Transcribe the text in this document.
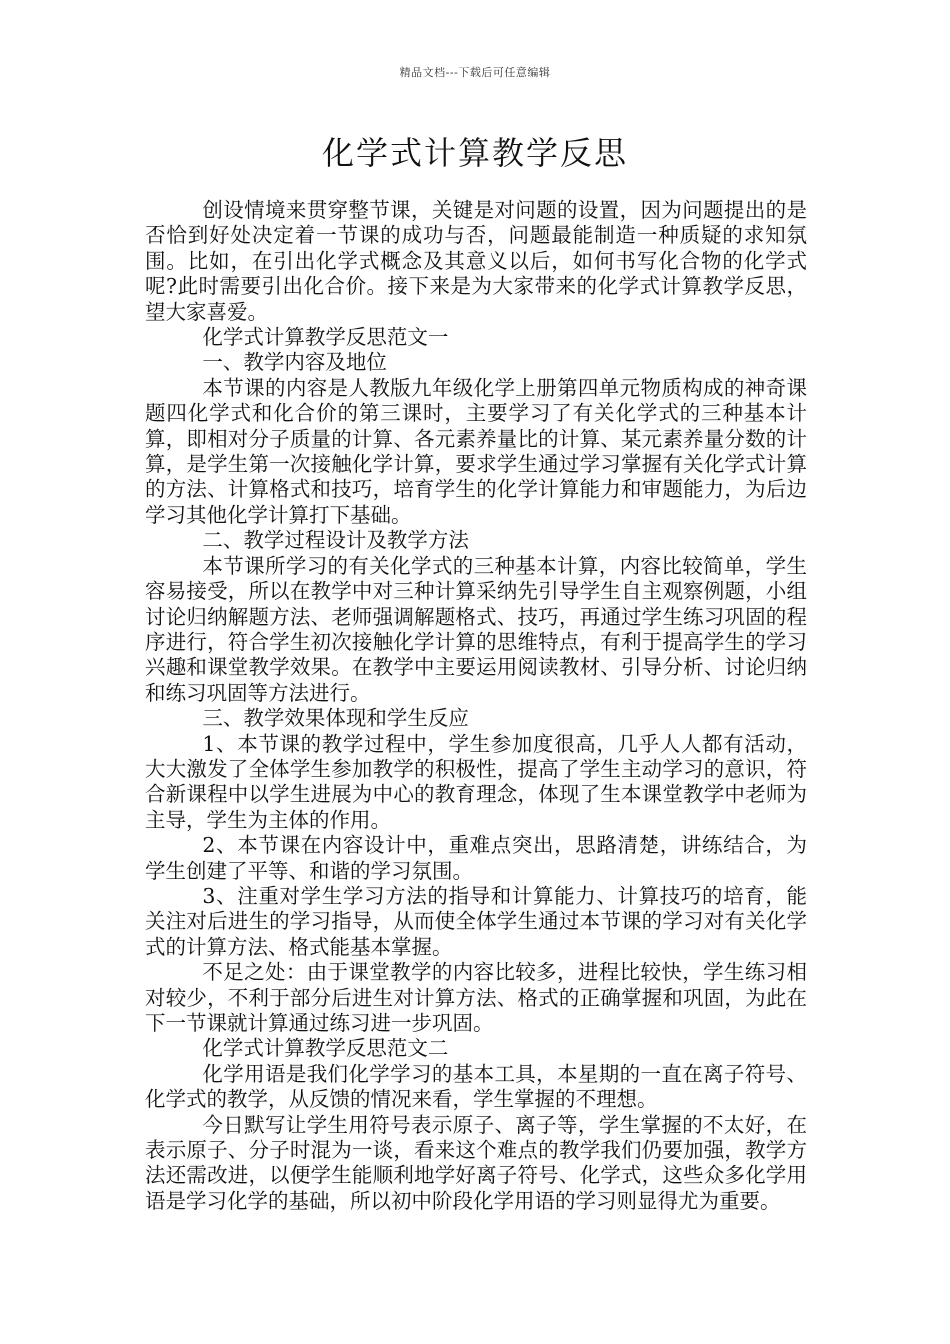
精品文档---下载后可任意编辑
化学式计算教学反思

创设情境来贯穿整节课，关键是对问题的设置，因为问题提出的是否恰到好处决定着一节课的成功与否，问题最能制造一种质疑的求知氛围。比如，在引出化学式概念及其意义以后，如何书写化合物的化学式呢?此时需要引出化合价。接下来是为大家带来的化学式计算教学反思，望大家喜爱。

化学式计算教学反思范文一

一、教学内容及地位

本节课的内容是人教版九年级化学上册第四单元物质构成的神奇课题四化学式和化合价的第三课时，主要学习了有关化学式的三种基本计算，即相对分子质量的计算、各元素养量比的计算、某元素养量分数的计算，是学生第一次接触化学计算，要求学生通过学习掌握有关化学式计算的方法、计算格式和技巧，培育学生的化学计算能力和审题能力，为后边学习其他化学计算打下基础。

二、教学过程设计及教学方法

本节课所学习的有关化学式的三种基本计算，内容比较简单，学生容易接受，所以在教学中对三种计算采纳先引导学生自主观察例题，小组 讨论归纳解题方法、老师强调解题格式、技巧，再通过学生练习巩固的程序进行，符合学生初次接触化学计算的思维特点，有利于提高学生的学习兴趣和课堂教学效果。在教学中主要运用阅读教材、引导分析、讨论归纳和练习巩固等方法进行。

三、教学效果体现和学生反应

1、本节课的教学过程中，学生参加度很高，几乎人人都有活动，大大激发了全体学生参加教学的积极性，提高了学生主动学习的意识，符合新课程中以学生进展为中心的教育理念，体现了生本课堂教学中老师为主导，学生为主体的作用。

2、本节课在内容设计中，重难点突出，思路清楚，讲练结合，为学生创建了平等、和谐的学习氛围。

3、注重对学生学习方法的指导和计算能力、计算技巧的培育，能关注对后进生的学习指导，从而使全体学生通过本节课的学习对有关化学式的计算方法、格式能基本掌握。

不足之处：由于课堂教学的内容比较多，进程比较快，学生练习相对较少，不利于部分后进生对计算方法、格式的正确掌握和巩固，为此在下一节课就计算通过练习进一步巩固。

化学式计算教学反思范文二

化学用语是我们化学学习的基本工具，本星期的一直在离子符号、化学式的教学，从反馈的情况来看，学生掌握的不理想。

今日默写让学生用符号表示原子、离子等，学生掌握的不太好，在表示原子、分子时混为一谈，看来这个难点的教学我们仍要加强，教学方法还需改进，以便学生能顺利地学好离子符号、化学式，这些众多化学用语是学习化学的基础，所以初中阶段化学用语的学习则显得尤为重要。
